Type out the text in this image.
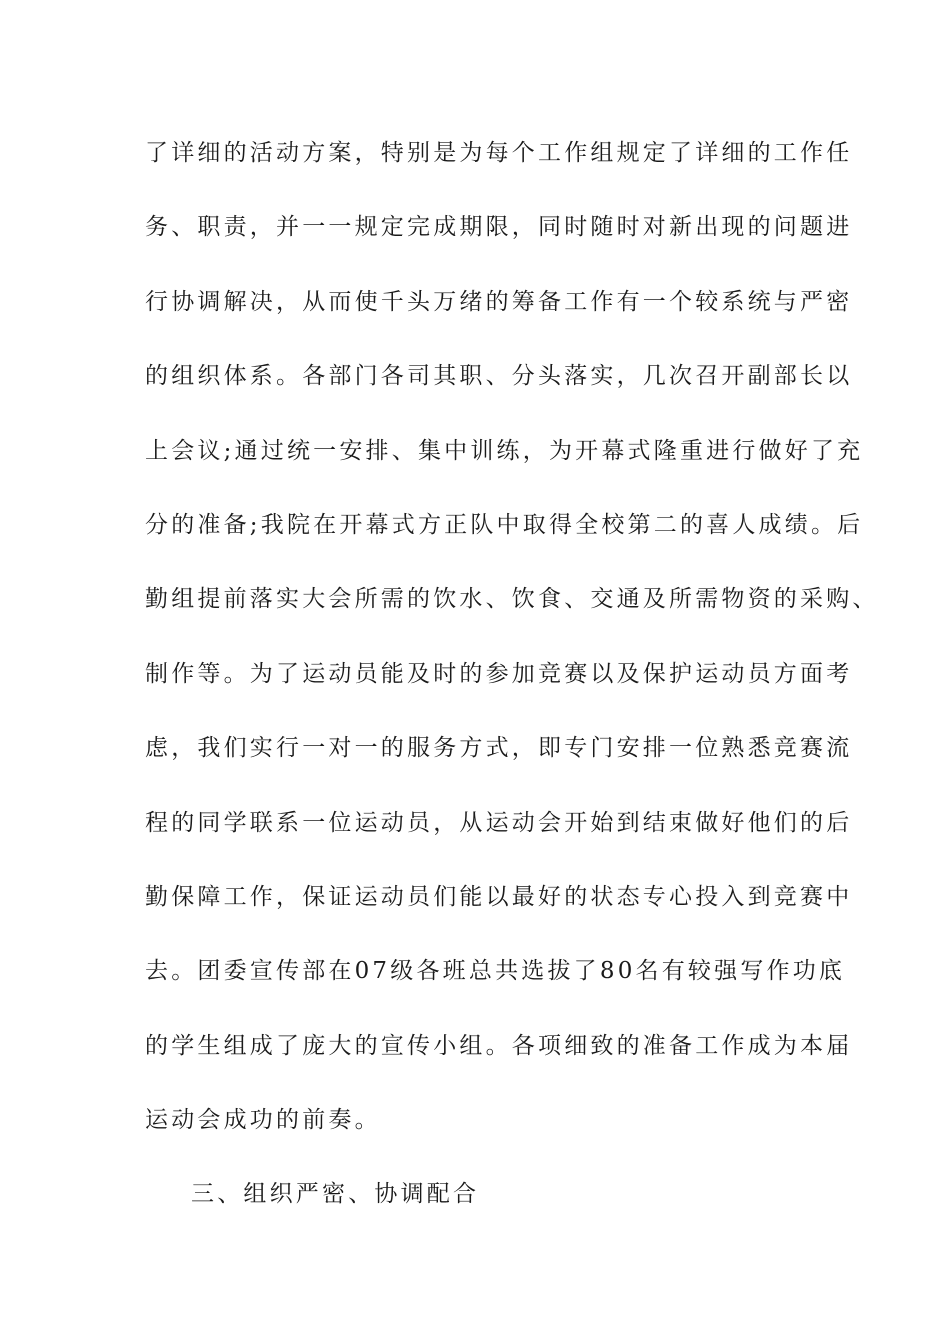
了详细的活动方案，特别是为每个工作组规定了详细的工作任
务、职责，并一一规定完成期限，同时随时对新出现的问题进
行协调解决，从而使千头万绪的筹备工作有一个较系统与严密
的组织体系。各部门各司其职、分头落实，几次召开副部长以
上会议;通过统一安排、集中训练，为开幕式隆重进行做好了充
分的准备;我院在开幕式方正队中取得全校第二的喜人成绩。后
勤组提前落实大会所需的饮水、饮食、交通及所需物资的采购、
制作等。为了运动员能及时的参加竞赛以及保护运动员方面考
虑，我们实行一对一的服务方式，即专门安排一位熟悉竞赛流
程的同学联系一位运动员，从运动会开始到结束做好他们的后
勤保障工作，保证运动员们能以最好的状态专心投入到竞赛中
去。团委宣传部在07级各班总共选拔了80名有较强写作功底
的学生组成了庞大的宣传小组。各项细致的准备工作成为本届
运动会成功的前奏。
三、组织严密、协调配合
